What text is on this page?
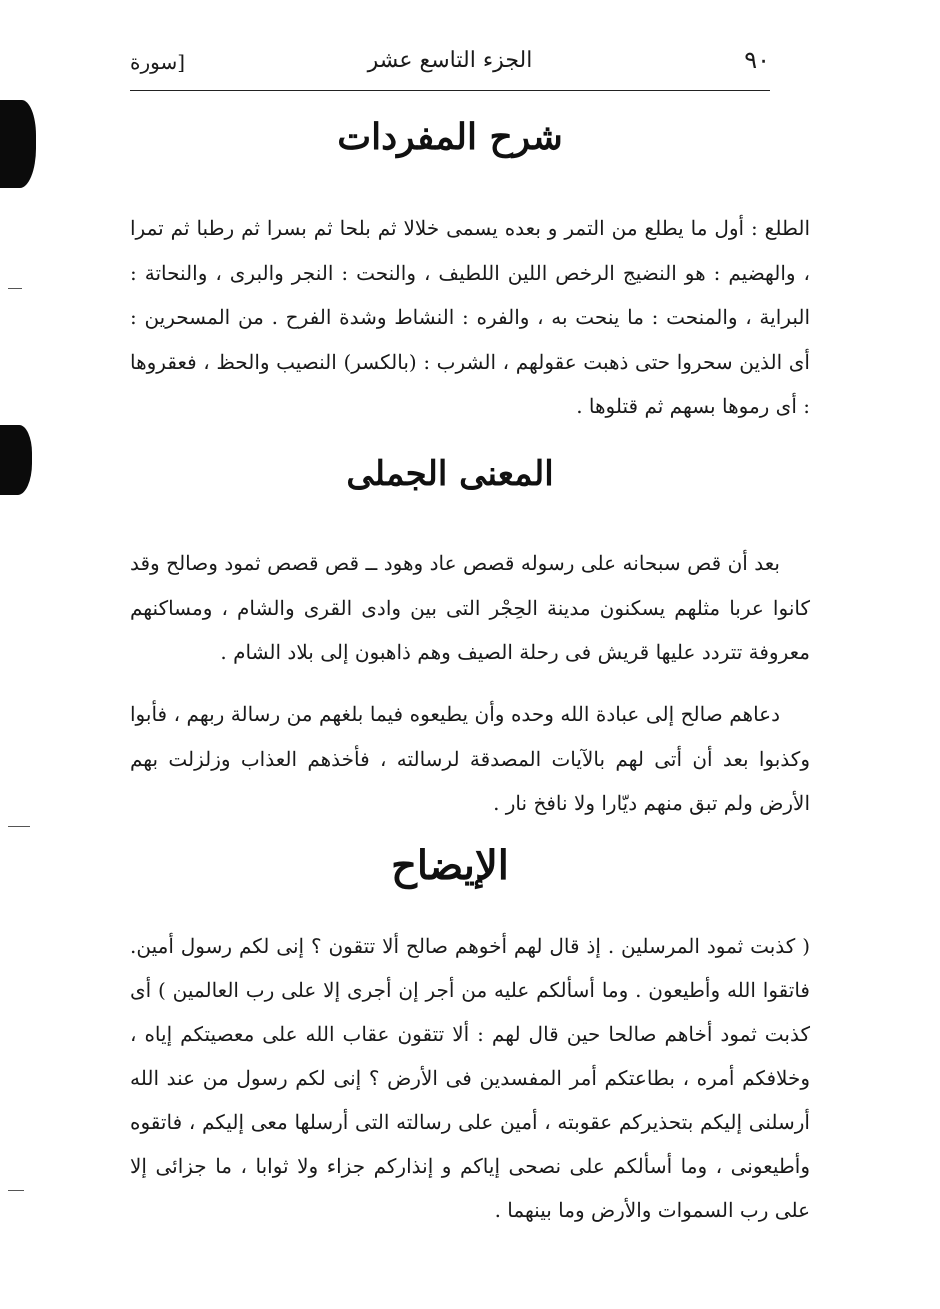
٩٠
الجزء التاسع عشر
[سورة
شرح المفردات

الطلع : أول ما يطلع من التمر و بعده يسمى خلالا ثم بلحا ثم بسرا ثم رطبا ثم تمرا ، والهضيم : هو النضيج الرخص اللين اللطيف ، والنحت : النجر والبرى ، والنحاتة : البراية ، والمنحت : ما ينحت به ، والفره : النشاط وشدة الفرح . من المسحرين : أى الذين سحروا حتى ذهبت عقولهم ، الشرب : (بالكسر) النصيب والحظ ، فعقروها : أى رموها بسهم ثم قتلوها .

المعنى الجملى

بعد أن قص سبحانه على رسوله قصص عاد وهود ــ قص قصص ثمود وصالح وقد كانوا عربا مثلهم يسكنون مدينة الحِجْر التى بين وادى القرى والشام ، ومساكنهم معروفة تتردد عليها قريش فى رحلة الصيف وهم ذاهبون إلى بلاد الشام .

دعاهم صالح إلى عبادة الله وحده وأن يطيعوه فيما بلغهم من رسالة ربهم ، فأبوا وكذبوا بعد أن أتى لهم بالآيات المصدقة لرسالته ، فأخذهم العذاب وزلزلت بهم الأرض ولم تبق منهم ديّارا ولا نافخ نار .

الإيضاح

( كذبت ثمود المرسلين . إذ قال لهم أخوهم صالح ألا تتقون ؟ إنى لكم رسول أمين. فاتقوا الله وأطيعون . وما أسألكم عليه من أجر إن أجرى إلا على رب العالمين ) أى كذبت ثمود أخاهم صالحا حين قال لهم : ألا تتقون عقاب الله على معصيتكم إياه ، وخلافكم أمره ، بطاعتكم أمر المفسدين فى الأرض ؟ إنى لكم رسول من عند الله أرسلنى إليكم بتحذيركم عقوبته ، أمين على رسالته التى أرسلها معى إليكم ، فاتقوه وأطيعونى ، وما أسألكم على نصحى إياكم و إنذاركم جزاء ولا ثوابا ، ما جزائى إلا على رب السموات والأرض وما بينهما .
